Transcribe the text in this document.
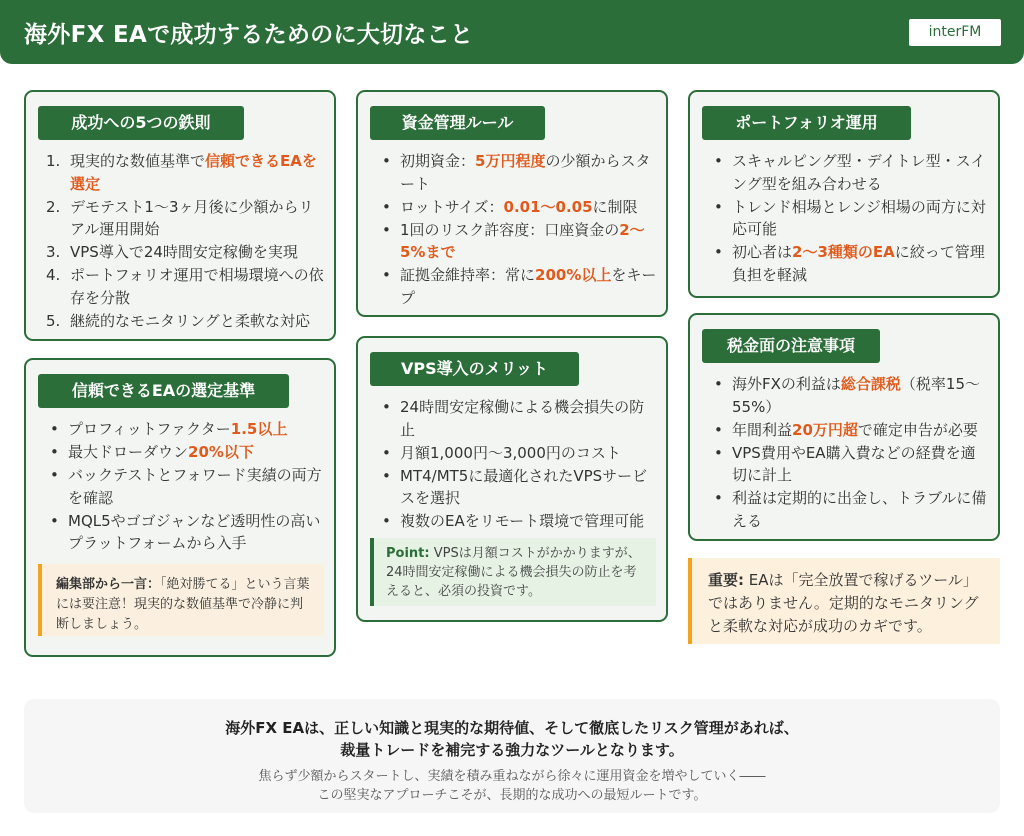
海外FX EAで成功するためのに大切なこと	interFM
成功への5つの鉄則
1. 現実的な数値基準で信頼できるEAを選定
2. デモテスト1〜3ヶ月後に少額からリアル運用開始
3. VPS導入で24時間安定稼働を実現
4. ポートフォリオ運用で相場環境への依存を分散
5. 継続的なモニタリングと柔軟な対応
資金管理ルール
• 初期資金：5万円程度の少額からスタート
• ロットサイズ：0.01〜0.05に制限
• 1回のリスク許容度：口座資金の2〜5%まで
• 証拠金維持率：常に200%以上をキープ
ポートフォリオ運用
• スキャルピング型・デイトレ型・スイング型を組み合わせる
• トレンド相場とレンジ相場の両方に対応可能
• 初心者は2〜3種類のEAに絞って管理負担を軽減
信頼できるEAの選定基準
• プロフィットファクター1.5以上
• 最大ドローダウン20%以下
• バックテストとフォワード実績の両方を確認
• MQL5やゴゴジャンなど透明性の高いプラットフォームから入手
編集部から一言：「絶対勝てる」という言葉には要注意！現実的な数値基準で冷静に判断しましょう。
VPS導入のメリット
• 24時間安定稼働による機会損失の防止
• 月額1,000円〜3,000円のコスト
• MT4/MT5に最適化されたVPSサービスを選択
• 複数のEAをリモート環境で管理可能
Point: VPSは月額コストがかかりますが、24時間安定稼働による機会損失の防止を考えると、必須の投資です。
税金面の注意事項
• 海外FXの利益は総合課税（税率15〜55%）
• 年間利益20万円超で確定申告が必要
• VPS費用やEA購入費などの経費を適切に計上
• 利益は定期的に出金し、トラブルに備える
重要: EAは「完全放置で稼げるツール」ではありません。定期的なモニタリングと柔軟な対応が成功のカギです。
海外FX EAは、正しい知識と現実的な期待値、そして徹底したリスク管理があれば、
裁量トレードを補完する強力なツールとなります。
焦らず少額からスタートし、実績を積み重ねながら徐々に運用資金を増やしていく――
この堅実なアプローチこそが、長期的な成功への最短ルートです。
